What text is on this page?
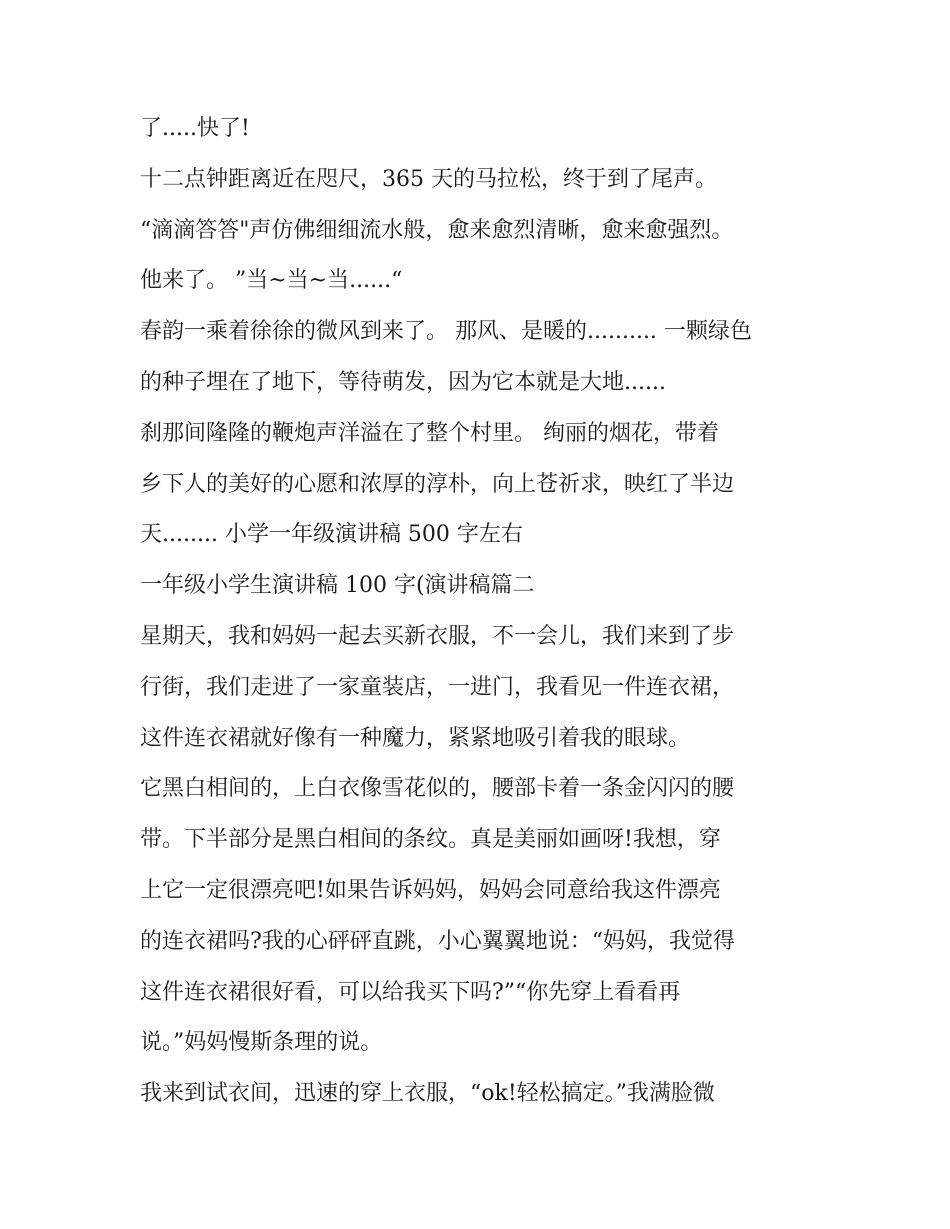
了.....快了!
十二点钟距离近在咫尺，365 天的马拉松，终于到了尾声。
“滴滴答答"声仿佛细细流水般，愈来愈烈清晰，愈来愈强烈。
他来了。 ”当~当~当......“
春韵一乘着徐徐的微风到来了。 那风、是暖的.......... 一颗绿色
的种子埋在了地下，等待萌发，因为它本就是大地......
刹那间隆隆的鞭炮声洋溢在了整个村里。 绚丽的烟花，带着
乡下人的美好的心愿和浓厚的淳朴，向上苍祈求，映红了半边
天........ 小学一年级演讲稿 500 字左右
一年级小学生演讲稿 100 字(演讲稿篇二
星期天，我和妈妈一起去买新衣服，不一会儿，我们来到了步
行街，我们走进了一家童装店，一进门，我看见一件连衣裙，
这件连衣裙就好像有一种魔力，紧紧地吸引着我的眼球。
它黑白相间的，上白衣像雪花似的，腰部卡着一条金闪闪的腰
带。下半部分是黑白相间的条纹。真是美丽如画呀!我想，穿
上它一定很漂亮吧!如果告诉妈妈，妈妈会同意给我这件漂亮
的连衣裙吗?我的心砰砰直跳，小心翼翼地说：“妈妈，我觉得
这件连衣裙很好看，可以给我买下吗?”“你先穿上看看再
说。”妈妈慢斯条理的说。
我来到试衣间，迅速的穿上衣服，“ok!轻松搞定。”我满脸微
